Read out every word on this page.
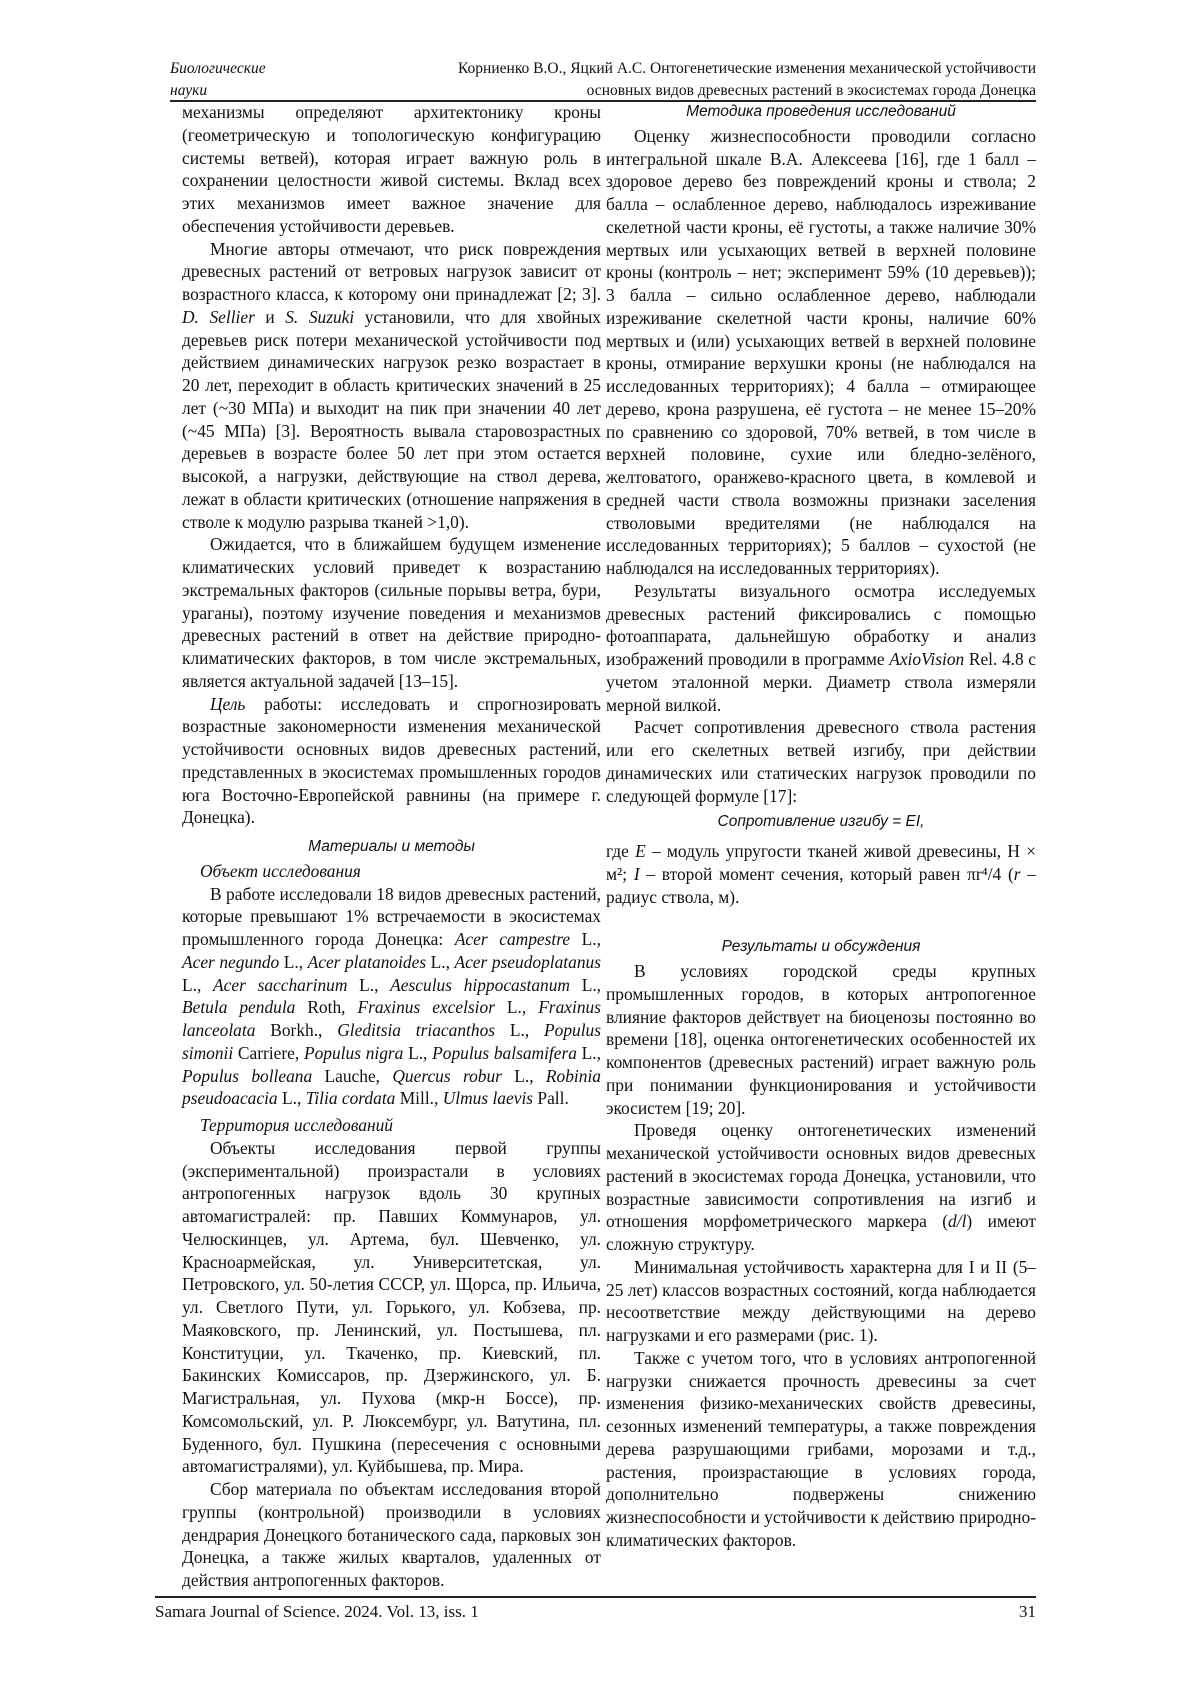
Биологические
науки
Корниенко В.О., Яцкий А.С. Онтогенетические изменения механической устойчивости
основных видов древесных растений в экосистемах города Донецка

механизмы определяют архитектонику кроны (геометрическую и топологическую конфигурацию системы ветвей), которая играет важную роль в сохранении целостности живой системы. Вклад всех этих механизмов имеет важное значение для обеспечения устойчивости деревьев.

Многие авторы отмечают, что риск повреждения древесных растений от ветровых нагрузок зависит от возрастного класса, к которому они принадлежат [2; 3]. D. Sellier и S. Suzuki установили, что для хвойных деревьев риск потери механической устойчивости под действием динамических нагрузок резко возрастает в 20 лет, переходит в область критических значений в 25 лет (~30 МПа) и выходит на пик при значении 40 лет (~45 МПа) [3]. Вероятность вывала старовозрастных деревьев в возрасте более 50 лет при этом остается высокой, а нагрузки, действующие на ствол дерева, лежат в области критических (отношение напряжения в стволе к модулю разрыва тканей >1,0).

Ожидается, что в ближайшем будущем изменение климатических условий приведет к возрастанию экстремальных факторов (сильные порывы ветра, бури, ураганы), поэтому изучение поведения и механизмов древесных растений в ответ на действие природно-климатических факторов, в том числе экстремальных, является актуальной задачей [13–15].

Цель работы: исследовать и спрогнозировать возрастные закономерности изменения механической устойчивости основных видов древесных растений, представленных в экосистемах промышленных городов юга Восточно-Европейской равнины (на примере г. Донецка).

Материалы и методы
Объект исследования

В работе исследовали 18 видов древесных растений, которые превышают 1% встречаемости в экосистемах промышленного города Донецка: Acer campestre L., Acer negundo L., Acer platanoides L., Acer pseudoplatanus L., Acer saccharinum L., Aesculus hippocastanum L., Betula pendula Roth, Fraxinus excelsior L., Fraxinus lanceolata Borkh., Gleditsia triacanthos L., Populus simonii Carriere, Populus nigra L., Populus balsamifera L., Populus bolleana Lauche, Quercus robur L., Robinia pseudoacacia L., Tilia cordata Mill., Ulmus laevis Pall.

Территория исследований

Объекты исследования первой группы (экспериментальной) произрастали в условиях антропогенных нагрузок вдоль 30 крупных автомагистралей: пр. Павших Коммунаров, ул. Челюскинцев, ул. Артема, бул. Шевченко, ул. Красноармейская, ул. Университетская, ул. Петровского, ул. 50-летия СССР, ул. Щорса, пр. Ильича, ул. Светлого Пути, ул. Горького, ул. Кобзева, пр. Маяковского, пр. Ленинский, ул. Постышева, пл. Конституции, ул. Ткаченко, пр. Киевский, пл. Бакинских Комиссаров, пр. Дзержинского, ул. Б. Магистральная, ул. Пухова (мкр-н Боссе), пр. Комсомольский, ул. Р. Люксембург, ул. Ватутина, пл. Буденного, бул. Пушкина (пересечения с основными автомагистралями), ул. Куйбышева, пр. Мира.

Сбор материала по объектам исследования второй группы (контрольной) производили в условиях дендрария Донецкого ботанического сада, парковых зон Донецка, а также жилых кварталов, удаленных от действия антропогенных факторов.

Методика проведения исследований

Оценку жизнеспособности проводили согласно интегральной шкале В.А. Алексеева [16], где 1 балл – здоровое дерево без повреждений кроны и ствола; 2 балла – ослабленное дерево, наблюдалось изреживание скелетной части кроны, её густоты, а также наличие 30% мертвых или усыхающих ветвей в верхней половине кроны (контроль – нет; эксперимент 59% (10 деревьев)); 3 балла – сильно ослабленное дерево, наблюдали изреживание скелетной части кроны, наличие 60% мертвых и (или) усыхающих ветвей в верхней половине кроны, отмирание верхушки кроны (не наблюдался на исследованных территориях); 4 балла – отмирающее дерево, крона разрушена, её густота – не менее 15–20% по сравнению со здоровой, 70% ветвей, в том числе в верхней половине, сухие или бледно-зелёного, желтоватого, оранжево-красного цвета, в комлевой и средней части ствола возможны признаки заселения стволовыми вредителями (не наблюдался на исследованных территориях); 5 баллов – сухостой (не наблюдался на исследованных территориях).

Результаты визуального осмотра исследуемых древесных растений фиксировались с помощью фотоаппарата, дальнейшую обработку и анализ изображений проводили в программе AxioVision Rel. 4.8 с учетом эталонной мерки. Диаметр ствола измеряли мерной вилкой.

Расчет сопротивления древесного ствола растения или его скелетных ветвей изгибу, при действии динамических или статических нагрузок проводили по следующей формуле [17]:

Сопротивление изгибу = EI,

где E – модуль упругости тканей живой древесины, Н × м²; I – второй момент сечения, который равен πr⁴/4 (r – радиус ствола, м).

Результаты и обсуждения

В условиях городской среды крупных промышленных городов, в которых антропогенное влияние факторов действует на биоценозы постоянно во времени [18], оценка онтогенетических особенностей их компонентов (древесных растений) играет важную роль при понимании функционирования и устойчивости экосистем [19; 20].

Проведя оценку онтогенетических изменений механической устойчивости основных видов древесных растений в экосистемах города Донецка, установили, что возрастные зависимости сопротивления на изгиб и отношения морфометрического маркера (d/l) имеют сложную структуру.

Минимальная устойчивость характерна для I и II (5–25 лет) классов возрастных состояний, когда наблюдается несоответствие между действующими на дерево нагрузками и его размерами (рис. 1).

Также с учетом того, что в условиях антропогенной нагрузки снижается прочность древесины за счет изменения физико-механических свойств древесины, сезонных изменений температуры, а также повреждения дерева разрушающими грибами, морозами и т.д., растения, произрастающие в условиях города, дополнительно подвержены снижению жизнеспособности и устойчивости к действию природно-климатических факторов.

Samara Journal of Science. 2024. Vol. 13, iss. 1	31
